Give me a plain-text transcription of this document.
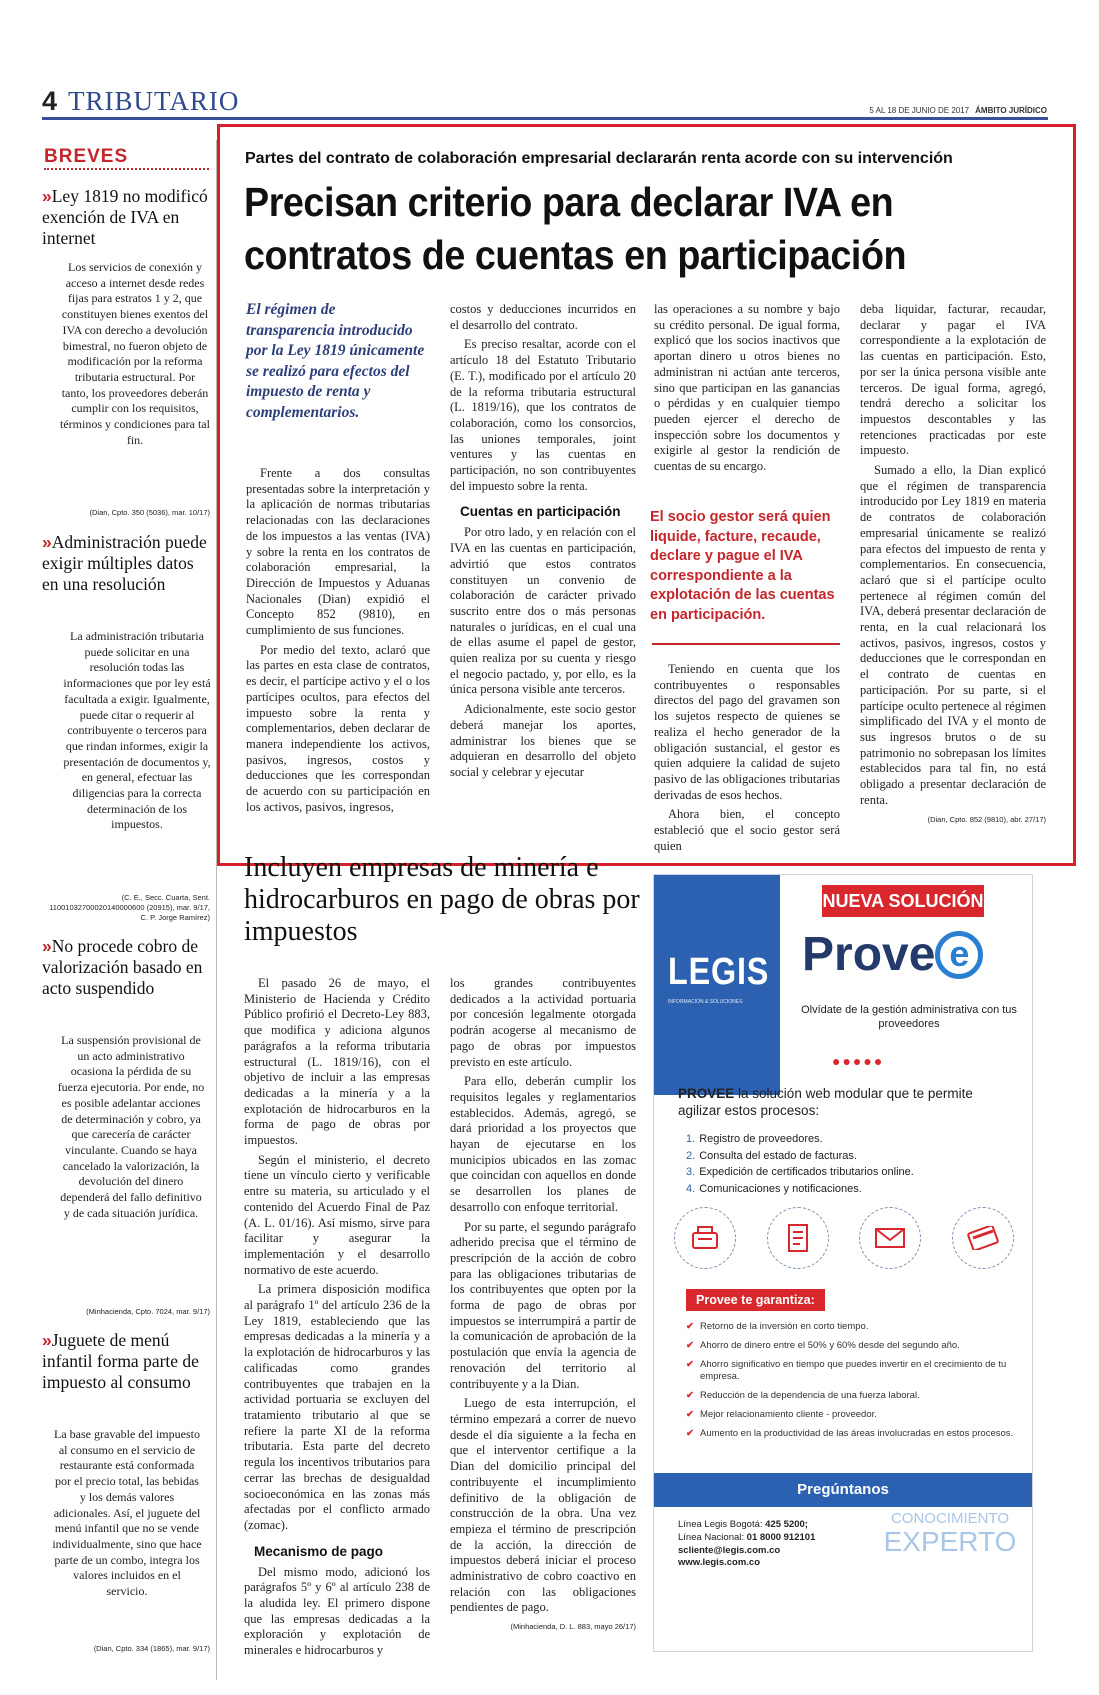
4 TRIBUTARIO	5 AL 18 DE JUNIO DE 2017 ÁMBITO JURÍDICO
BREVES
»Ley 1819 no modificó exención de IVA en internet
Los servicios de conexión y acceso a internet desde redes fijas para estratos 1 y 2, que constituyen bienes exentos del IVA con derecho a devolución bimestral, no fueron objeto de modificación por la reforma tributaria estructural. Por tanto, los proveedores deberán cumplir con los requisitos, términos y condiciones para tal fin.
(Dian, Cpto. 350 (5036), mar. 10/17)
»Administración puede exigir múltiples datos en una resolución
La administración tributaria puede solicitar en una resolución todas las informaciones que por ley está facultada a exigir. Igualmente, puede citar o requerir al contribuyente o terceros para que rindan informes, exigir la presentación de documentos y, en general, efectuar las diligencias para la correcta determinación de los impuestos.
(C. E., Secc. Cuarta, Sent. 11001032700020140000600 (20915), mar. 9/17, C. P. Jorge Ramírez)
»No procede cobro de valorización basado en acto suspendido
La suspensión provisional de un acto administrativo ocasiona la pérdida de su fuerza ejecutoria. Por ende, no es posible adelantar acciones de determinación y cobro, ya que carecería de carácter vinculante. Cuando se haya cancelado la valorización, la devolución del dinero dependerá del fallo definitivo y de cada situación jurídica.
(Minhacienda, Cpto. 7024, mar. 9/17)
»Juguete de menú infantil forma parte de impuesto al consumo
La base gravable del impuesto al consumo en el servicio de restaurante está conformada por el precio total, las bebidas y los demás valores adicionales. Así, el juguete del menú infantil que no se vende individualmente, sino que hace parte de un combo, integra los valores incluidos en el servicio.
(Dian, Cpto. 334 (1865), mar. 9/17)
Partes del contrato de colaboración empresarial declararán renta acorde con su intervención
Precisan criterio para declarar IVA en contratos de cuentas en participación
El régimen de transparencia introducido por la Ley 1819 únicamente se realizó para efectos del impuesto de renta y complementarios.

Frente a dos consultas presentadas sobre la interpretación y la aplicación de normas tributarias relacionadas con las declaraciones de los impuestos a las ventas (IVA) y sobre la renta en los contratos de colaboración empresarial, la Dirección de Impuestos y Aduanas Nacionales (Dian) expidió el Concepto 852 (9810), en cumplimiento de sus funciones.

Por medio del texto, aclaró que las partes en esta clase de contratos, es decir, el partícipe activo y el o los partícipes ocultos, para efectos del impuesto sobre la renta y complementarios, deben declarar de manera independiente los activos, pasivos, ingresos, costos y deducciones que les correspondan de acuerdo con su participación en los activos, pasivos, ingresos,

costos y deducciones incurridos en el desarrollo del contrato.

Es preciso resaltar, acorde con el artículo 18 del Estatuto Tributario (E. T.), modificado por el artículo 20 de la reforma tributaria estructural (L. 1819/16), que los contratos de colaboración, como los consorcios, las uniones temporales, joint ventures y las cuentas en participación, no son contribuyentes del impuesto sobre la renta.

Cuentas en participación

Por otro lado, y en relación con el IVA en las cuentas en participación, advirtió que estos contratos constituyen un convenio de colaboración de carácter privado suscrito entre dos o más personas naturales o jurídicas, en el cual una de ellas asume el papel de gestor, quien realiza por su cuenta y riesgo el negocio pactado, y, por ello, es la única persona visible ante terceros.

Adicionalmente, este socio gestor deberá manejar los aportes, administrar los bienes que se adquieran en desarrollo del objeto social y celebrar y ejecutar

las operaciones a su nombre y bajo su crédito personal. De igual forma, explicó que los socios inactivos que aportan dinero u otros bienes no administran ni actúan ante terceros, sino que participan en las ganancias o pérdidas y en cualquier tiempo pueden ejercer el derecho de inspección sobre los documentos y exigirle al gestor la rendición de cuentas de su encargo.

El socio gestor será quien liquide, facture, recaude, declare y pague el IVA correspondiente a la explotación de las cuentas en participación.

Teniendo en cuenta que los contribuyentes o responsables directos del pago del gravamen son los sujetos respecto de quienes se realiza el hecho generador de la obligación sustancial, el gestor es quien adquiere la calidad de sujeto pasivo de las obligaciones tributarias derivadas de esos hechos.

Ahora bien, el concepto estableció que el socio gestor será quien

deba liquidar, facturar, recaudar, declarar y pagar el IVA correspondiente a la explotación de las cuentas en participación. Esto, por ser la única persona visible ante terceros. De igual forma, agregó, tendrá derecho a solicitar los impuestos descontables y las retenciones practicadas por este impuesto.

Sumado a ello, la Dian explicó que el régimen de transparencia introducido por Ley 1819 en materia de contratos de colaboración empresarial únicamente se realizó para efectos del impuesto de renta y complementarios. En consecuencia, aclaró que si el partícipe oculto pertenece al régimen común del IVA, deberá presentar declaración de renta, en la cual relacionará los activos, pasivos, ingresos, costos y deducciones que le correspondan en el contrato de cuentas en participación. Por su parte, si el partícipe oculto pertenece al régimen simplificado del IVA y el monto de sus ingresos brutos o de su patrimonio no sobrepasan los límites establecidos para tal fin, no está obligado a presentar declaración de renta.

(Dian, Cpto. 852 (9810), abr. 27/17)
Incluyen empresas de minería e hidrocarburos en pago de obras por impuestos

El pasado 26 de mayo, el Ministerio de Hacienda y Crédito Público profirió el Decreto-Ley 883, que modifica y adiciona algunos parágrafos a la reforma tributaria estructural (L. 1819/16), con el objetivo de incluir a las empresas dedicadas a la minería y a la explotación de hidrocarburos en la forma de pago de obras por impuestos.

Según el ministerio, el decreto tiene un vínculo cierto y verificable entre su materia, su articulado y el contenido del Acuerdo Final de Paz (A. L. 01/16). Así mismo, sirve para facilitar y asegurar la implementación y el desarrollo normativo de este acuerdo.

La primera disposición modifica al parágrafo 1º del artículo 236 de la Ley 1819, estableciendo que las empresas dedicadas a la minería y a la explotación de hidrocarburos y las calificadas como grandes contribuyentes que trabajen en la actividad portuaria se excluyen del tratamiento tributario al que se refiere la parte XI de la reforma tributaria. Esta parte del decreto regula los incentivos tributarios para cerrar las brechas de desigualdad socioeconómica en las zonas más afectadas por el conflicto armado (zomac).

Mecanismo de pago

Del mismo modo, adicionó los parágrafos 5º y 6º al artículo 238 de la aludida ley. El primero dispone que las empresas dedicadas a la exploración y explotación de minerales e hidrocarburos y

los grandes contribuyentes dedicados a la actividad portuaria por concesión legalmente otorgada podrán acogerse al mecanismo de pago de obras por impuestos previsto en este artículo.

Para ello, deberán cumplir los requisitos legales y reglamentarios establecidos. Además, agregó, se dará prioridad a los proyectos que hayan de ejecutarse en los municipios ubicados en las zomac que coincidan con aquellos en donde se desarrollen los planes de desarrollo con enfoque territorial.

Por su parte, el segundo parágrafo adherido precisa que el término de prescripción de la acción de cobro para las obligaciones tributarias de los contribuyentes que opten por la forma de pago de obras por impuestos se interrumpirá a partir de la comunicación de aprobación de la postulación que envía la agencia de renovación del territorio al contribuyente y a la Dian.

Luego de esta interrupción, el término empezará a correr de nuevo desde el día siguiente a la fecha en que el interventor certifique a la Dian del domicilio principal del contribuyente el incumplimiento definitivo de la obligación de construcción de la obra. Una vez empieza el término de prescripción de la acción, la dirección de impuestos deberá iniciar el proceso administrativo de cobro coactivo en relación con las obligaciones pendientes de pago.

(Minhacienda, D. L. 883, mayo 26/17)
LEGIS
INFORMACIÓN & SOLUCIONES
NUEVA SOLUCIÓN
Prove e
Olvídate de la gestión administrativa con tus proveedores
●●●●●
PROVEE la solución web modular que te permite agilizar estos procesos:
1. Registro de proveedores.
2. Consulta del estado de facturas.
3. Expedición de certificados tributarios online.
4. Comunicaciones y notificaciones.
Provee te garantiza:
✔ Retorno de la inversión en corto tiempo.
✔ Ahorro de dinero entre el 50% y 60% desde del segundo año.
✔ Ahorro significativo en tiempo que puedes invertir en el crecimiento de tu empresa.
✔ Reducción de la dependencia de una fuerza laboral.
✔ Mejor relacionamiento cliente - proveedor.
✔ Aumento en la productividad de las áreas involucradas en estos procesos.
Pregúntanos
Línea Legis Bogotá: 425 5200;
Línea Nacional: 01 8000 912101
scliente@legis.com.co
www.legis.com.co
CONOCIMIENTO
EXPERTO
